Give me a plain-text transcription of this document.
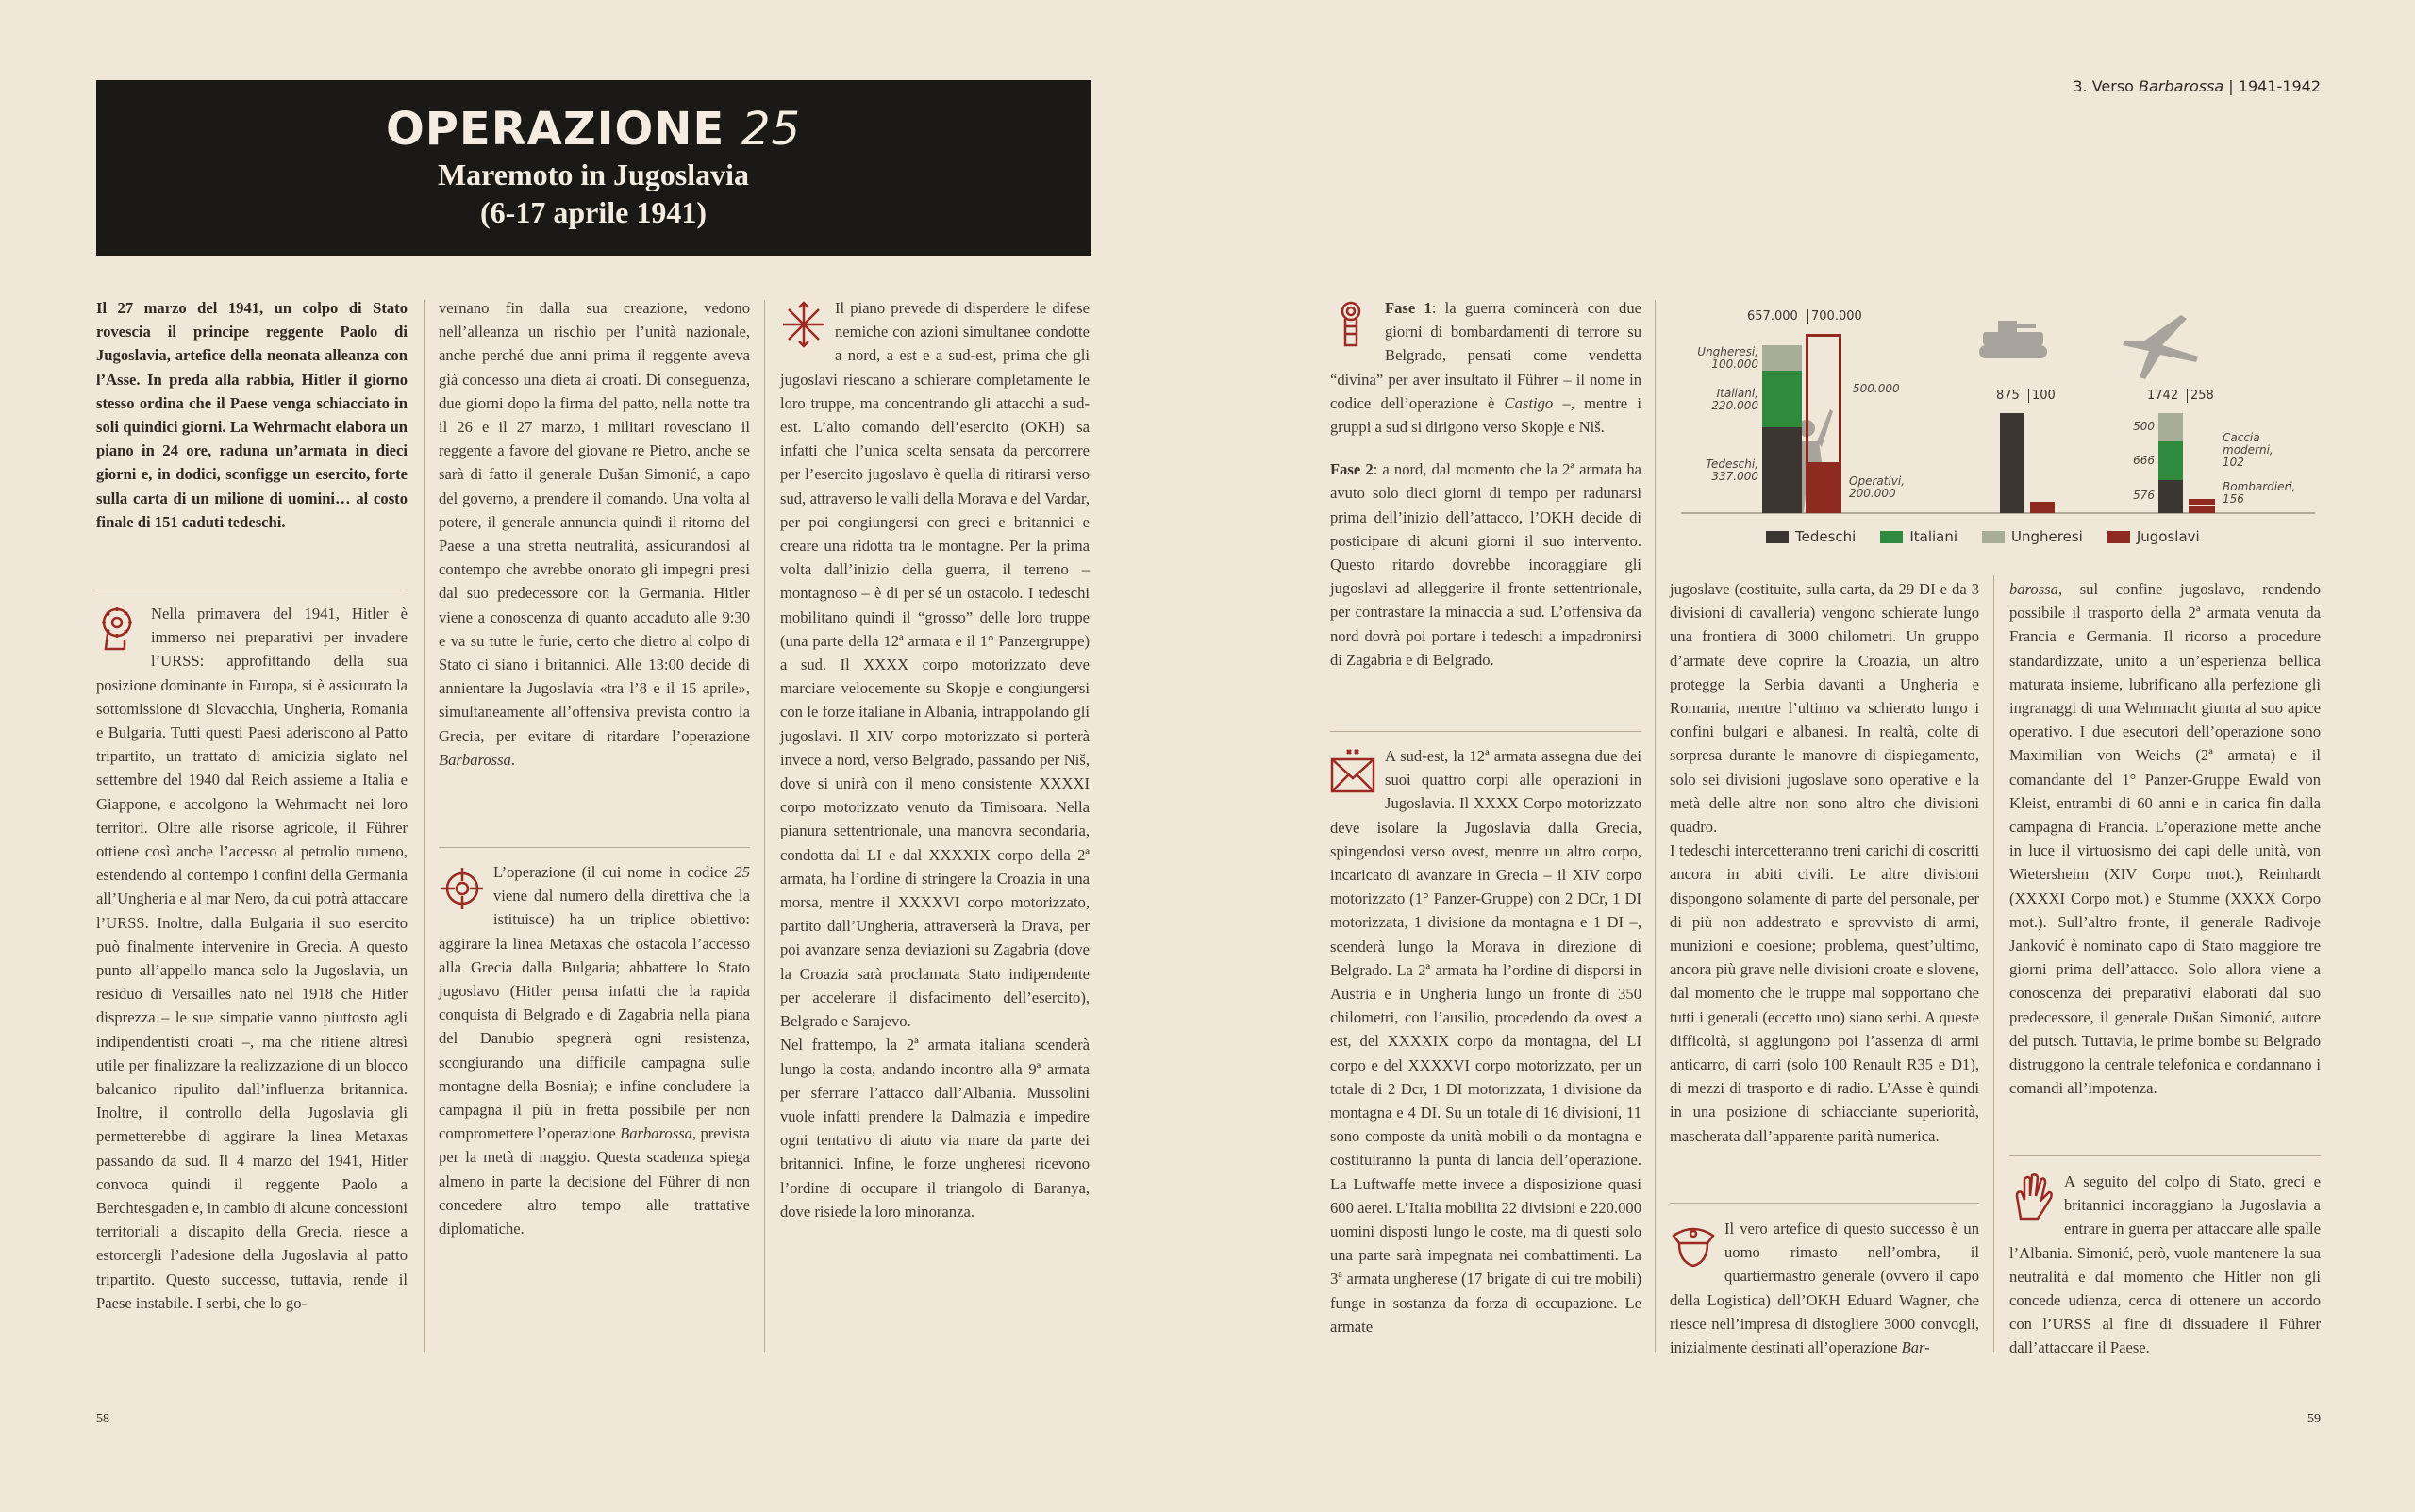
OPERAZIONE 25
Maremoto in Jugoslavia
(6-17 aprile 1941)
3. Verso Barbarossa | 1941-1942
58	59

Il 27 marzo del 1941, un colpo di Stato rovescia il principe reggente Paolo di Jugoslavia, artefice della neonata alleanza con l’Asse. In preda alla rabbia, Hitler il giorno stesso ordina che il Paese venga schiacciato in soli quindici giorni. La Wehrmacht elabora un piano in 24 ore, raduna un’armata in dieci giorni e, in dodici, sconfigge un esercito, forte sulla carta di un milione di uomini… al costo finale di 151 caduti tedeschi.

Nella primavera del 1941, Hitler è immerso nei preparativi per invadere l’URSS: approfittando della sua posizione dominante in Europa, si è assicurato la sottomissione di Slovacchia, Ungheria, Romania e Bulgaria. Tutti questi Paesi aderiscono al Patto tripartito, un trattato di amicizia siglato nel settembre del 1940 dal Reich assieme a Italia e Giappone, e accolgono la Wehrmacht nei loro territori. Oltre alle risorse agricole, il Führer ottiene così anche l’accesso al petrolio rumeno, estendendo al contempo i confini della Germania all’Ungheria e al mar Nero, da cui potrà attaccare l’URSS. Inoltre, dalla Bulgaria il suo esercito può finalmente intervenire in Grecia. A questo punto all’appello manca solo la Jugoslavia, un residuo di Versailles nato nel 1918 che Hitler disprezza – le sue simpatie vanno piuttosto agli indipendentisti croati –, ma che ritiene altresì utile per finalizzare la realizzazione di un blocco balcanico ripulito dall’influenza britannica. Inoltre, il controllo della Jugoslavia gli permetterebbe di aggirare la linea Metaxas passando da sud. Il 4 marzo del 1941, Hitler convoca quindi il reggente Paolo a Berchtesgaden e, in cambio di alcune concessioni territoriali a discapito della Grecia, riesce a estorcergli l’adesione della Jugoslavia al patto tripartito. Questo successo, tuttavia, rende il Paese instabile. I serbi, che lo go-

vernano fin dalla sua creazione, vedono nell’alleanza un rischio per l’unità nazionale, anche perché due anni prima il reggente aveva già concesso una dieta ai croati. Di conseguenza, due giorni dopo la firma del patto, nella notte tra il 26 e il 27 marzo, i militari rovesciano il reggente a favore del giovane re Pietro, anche se sarà di fatto il generale Dušan Simonić, a capo del governo, a prendere il comando. Una volta al potere, il generale annuncia quindi il ritorno del Paese a una stretta neutralità, assicurandosi al contempo che avrebbe onorato gli impegni presi dal suo predecessore con la Germania. Hitler viene a conoscenza di quanto accaduto alle 9:30 e va su tutte le furie, certo che dietro al colpo di Stato ci siano i britannici. Alle 13:00 decide di annientare la Jugoslavia «tra l’8 e il 15 aprile», simultaneamente all’offensiva prevista contro la Grecia, per evitare di ritardare l’operazione Barbarossa.

L’operazione (il cui nome in codice 25 viene dal numero della direttiva che la istituisce) ha un triplice obiettivo: aggirare la linea Metaxas che ostacola l’accesso alla Grecia dalla Bulgaria; abbattere lo Stato jugoslavo (Hitler pensa infatti che la rapida conquista di Belgrado e di Zagabria nella piana del Danubio spegnerà ogni resistenza, scongiurando una difficile campagna sulle montagne della Bosnia); e infine concludere la campagna il più in fretta possibile per non compromettere l’operazione Barbarossa, prevista per la metà di maggio. Questa scadenza spiega almeno in parte la decisione del Führer di non concedere altro tempo alle trattative diplomatiche.

Il piano prevede di disperdere le difese nemiche con azioni simultanee condotte a nord, a est e a sud-est, prima che gli jugoslavi riescano a schierare completamente le loro truppe, ma concentrando gli attacchi a sud-est. L’alto comando dell’esercito (OKH) sa infatti che l’unica scelta sensata da percorrere per l’esercito jugoslavo è quella di ritirarsi verso sud, attraverso le valli della Morava e del Vardar, per poi congiungersi con greci e britannici e creare una ridotta tra le montagne. Per la prima volta dall’inizio della guerra, il terreno – montagnoso – è di per sé un ostacolo. I tedeschi mobilitano quindi il “grosso” delle loro truppe (una parte della 12ª armata e il 1° Panzergruppe) a sud. Il XXXX corpo motorizzato deve marciare velocemente su Skopje e congiungersi con le forze italiane in Albania, intrappolando gli jugoslavi. Il XIV corpo motorizzato si porterà invece a nord, verso Belgrado, passando per Niš, dove si unirà con il meno consistente XXXXI corpo motorizzato venuto da Timisoara. Nella pianura settentrionale, una manovra secondaria, condotta dal LI e dal XXXXIX corpo della 2ª armata, ha l’ordine di stringere la Croazia in una morsa, mentre il XXXXVI corpo motorizzato, partito dall’Ungheria, attraverserà la Drava, per poi avanzare senza deviazioni su Zagabria (dove la Croazia sarà proclamata Stato indipendente per accelerare il disfacimento dell’esercito), Belgrado e Sarajevo.

Nel frattempo, la 2ª armata italiana scenderà lungo la costa, andando incontro alla 9ª armata per sferrare l’attacco dall’Albania. Mussolini vuole infatti prendere la Dalmazia e impedire ogni tentativo di aiuto via mare da parte dei britannici. Infine, le forze ungheresi ricevono l’ordine di occupare il triangolo di Baranya, dove risiede la loro minoranza.

Fase 1: la guerra comincerà con due giorni di bombardamenti di terrore su Belgrado, pensati come vendetta “divina” per aver insultato il Führer – il nome in codice dell’operazione è Castigo –, mentre i gruppi a sud si dirigono verso Skopje e Niš.

Fase 2: a nord, dal momento che la 2ª armata ha avuto solo dieci giorni di tempo per radunarsi prima dell’inizio dell’attacco, l’OKH decide di posticipare di alcuni giorni il suo intervento. Questo ritardo dovrebbe incoraggiare gli jugoslavi ad alleggerire il fronte settentrionale, per contrastare la minaccia a sud. L’offensiva da nord dovrà poi portare i tedeschi a impadronirsi di Zagabria e di Belgrado.

A sud-est, la 12ª armata assegna due dei suoi quattro corpi alle operazioni in Jugoslavia. Il XXXX Corpo motorizzato deve isolare la Jugoslavia dalla Grecia, spingendosi verso ovest, mentre un altro corpo, incaricato di avanzare in Grecia – il XIV corpo motorizzato (1° Panzer-Gruppe) con 2 DCr, 1 DI motorizzata, 1 divisione da montagna e 1 DI –, scenderà lungo la Morava in direzione di Belgrado. La 2ª armata ha l’ordine di disporsi in Austria e in Ungheria lungo un fronte di 350 chilometri, con l’ausilio, procedendo da ovest a est, del XXXXIX corpo da montagna, del LI corpo e del XXXXVI corpo motorizzato, per un totale di 2 Dcr, 1 DI motorizzata, 1 divisione da montagna e 4 DI. Su un totale di 16 divisioni, 11 sono composte da unità mobili o da montagna e costituiranno la punta di lancia dell’operazione. La Luftwaffe mette invece a disposizione quasi 600 aerei. L’Italia mobilita 22 divisioni e 220.000 uomini disposti lungo le coste, ma di questi solo una parte sarà impegnata nei combattimenti. La 3ª armata ungherese (17 brigate di cui tre mobili) funge in sostanza da forza di occupazione. Le armate

jugoslave (costituite, sulla carta, da 29 DI e da 3 divisioni di cavalleria) vengono schierate lungo una frontiera di 3000 chilometri. Un gruppo d’armate deve coprire la Croazia, un altro protegge la Serbia davanti a Ungheria e Romania, mentre l’ultimo va schierato lungo i confini bulgari e albanesi. In realtà, colte di sorpresa durante le manovre di dispiegamento, solo sei divisioni jugoslave sono operative e la metà delle altre non sono altro che divisioni quadro.

I tedeschi intercetteranno treni carichi di coscritti ancora in abiti civili. Le altre divisioni dispongono solamente di parte del personale, per di più non addestrato e sprovvisto di armi, munizioni e coesione; problema, quest’ultimo, ancora più grave nelle divisioni croate e slovene, dal momento che le truppe mal sopportano che tutti i generali (eccetto uno) siano serbi. A queste difficoltà, si aggiungono poi l’assenza di armi anticarro, di carri (solo 100 Renault R35 e D1), di mezzi di trasporto e di radio. L’Asse è quindi in una posizione di schiacciante superiorità, mascherata dall’apparente parità numerica.

Il vero artefice di questo successo è un uomo rimasto nell’ombra, il quartiermastro generale (ovvero il capo della Logistica) dell’OKH Eduard Wagner, che riesce nell’impresa di distogliere 3000 convogli, inizialmente destinati all’operazione Bar-

barossa, sul confine jugoslavo, rendendo possibile il trasporto della 2ª armata venuta da Francia e Germania. Il ricorso a procedure standardizzate, unito a un’esperienza bellica maturata insieme, lubrificano alla perfezione gli ingranaggi di una Wehrmacht giunta al suo apice operativo. I due esecutori dell’operazione sono Maximilian von Weichs (2ª armata) e il comandante del 1° Panzer-Gruppe Ewald von Kleist, entrambi di 60 anni e in carica fin dalla campagna di Francia. L’operazione mette anche in luce il virtuosismo dei capi delle unità, von Wietersheim (XIV Corpo mot.), Reinhardt (XXXXI Corpo mot.) e Stumme (XXXX Corpo mot.). Sull’altro fronte, il generale Radivoje Janković è nominato capo di Stato maggiore tre giorni prima dell’attacco. Solo allora viene a conoscenza dei preparativi elaborati dal suo predecessore, il generale Dušan Simonić, autore del putsch. Tuttavia, le prime bombe su Belgrado distruggono la centrale telefonica e condannano i comandi all’impotenza.

A seguito del colpo di Stato, greci e britannici incoraggiano la Jugoslavia a entrare in guerra per attaccare alle spalle l’Albania. Simonić, però, vuole mantenere la sua neutralità e dal momento che Hitler non gli concede udienza, cerca di ottenere un accordo con l’URSS al fine di dissuadere il Führer dall’attaccare il Paese.

Tedeschi,
337.000
Italiani,
220.000
Ungheresi,
100.000
Operativi,
200.000
500.000
657.000	700.000
875	100
576
666
500
1742 258
Caccia
moderni,
102
Bombardieri,
156
Tedeschi	Italiani	Ungheresi	Jugoslavi
